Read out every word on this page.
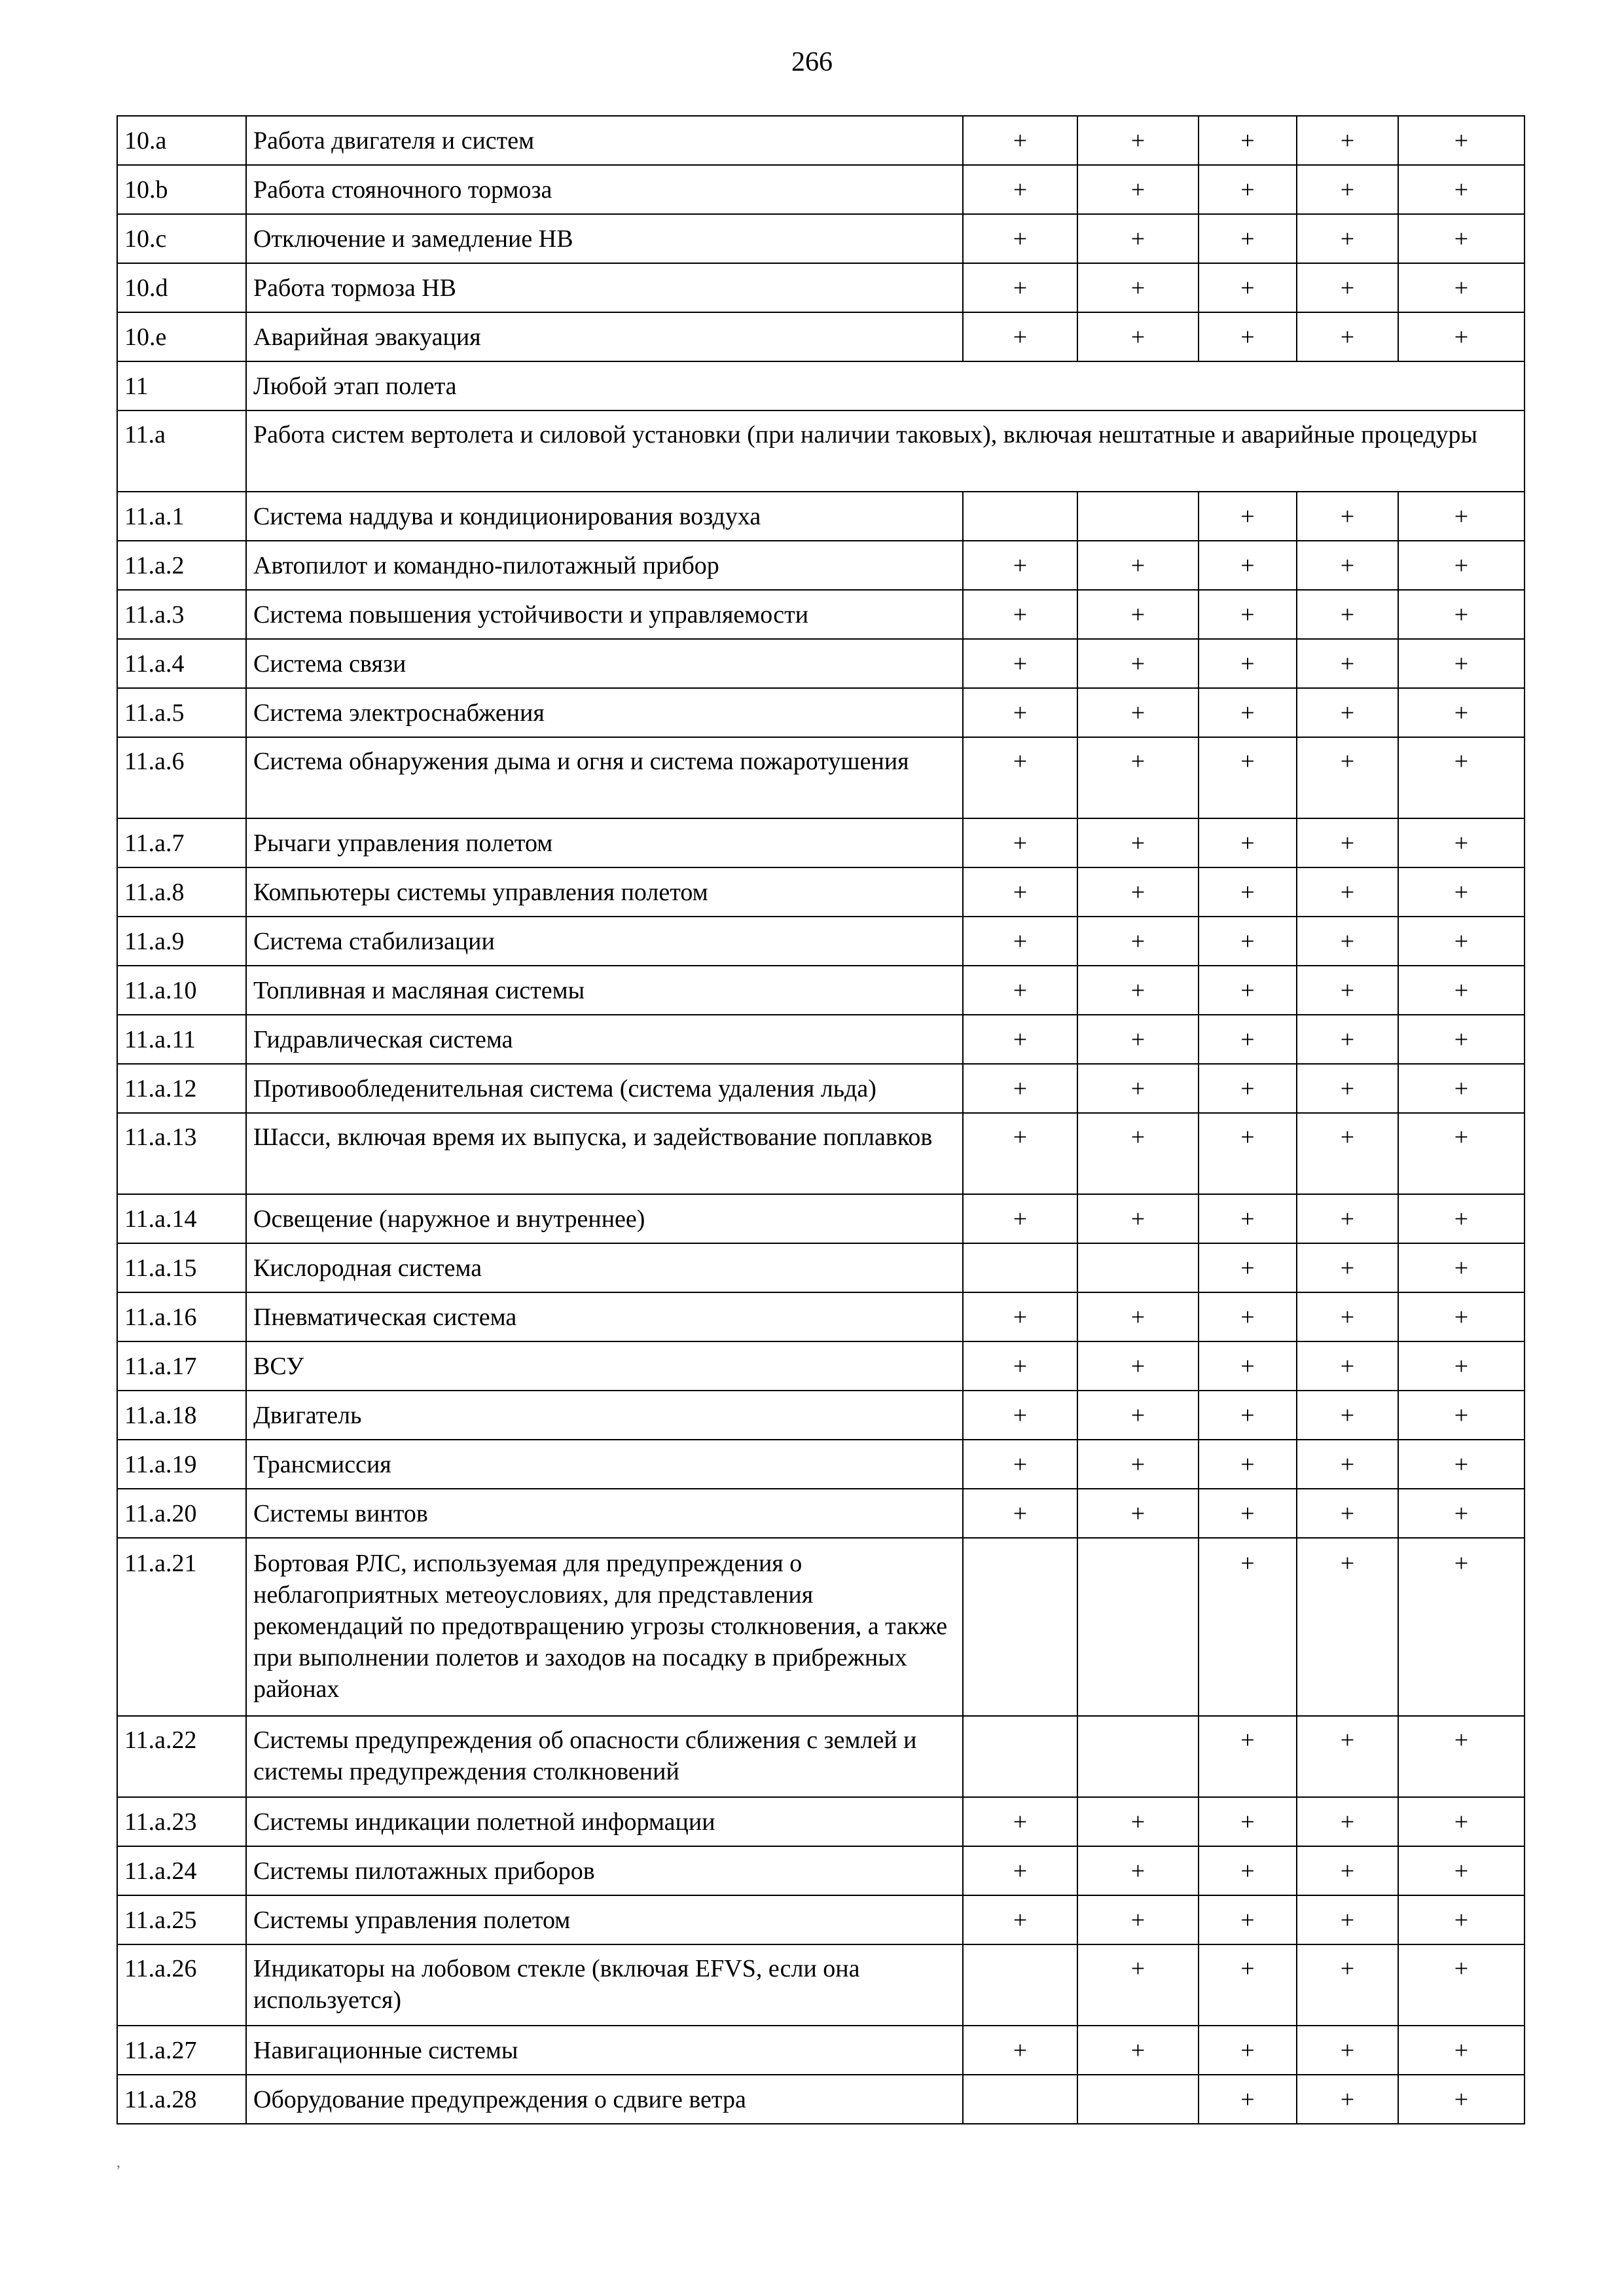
266
10.a	Работа двигателя и систем	+	+	+	+	+
10.b	Работа стояночного тормоза	+	+	+	+	+
10.c	Отключение и замедление НВ	+	+	+	+	+
10.d	Работа тормоза НВ	+	+	+	+	+
10.e	Аварийная эвакуация	+	+	+	+	+
11	Любой этап полета					
11.a	Работа систем вертолета и силовой установки (при наличии таковых), включая нештатные и аварийные процедуры					
11.a.1	Система наддува и кондиционирования воздуха			+	+	+
11.a.2	Автопилот и командно-пилотажный прибор	+	+	+	+	+
11.a.3	Система повышения устойчивости и управляемости	+	+	+	+	+
11.a.4	Система связи	+	+	+	+	+
11.a.5	Система электроснабжения	+	+	+	+	+
11.a.6	Система обнаружения дыма и огня и система пожаротушения	+	+	+	+	+
11.a.7	Рычаги управления полетом	+	+	+	+	+
11.a.8	Компьютеры системы управления полетом	+	+	+	+	+
11.a.9	Система стабилизации	+	+	+	+	+
11.a.10	Топливная и масляная системы	+	+	+	+	+
11.a.11	Гидравлическая система	+	+	+	+	+
11.a.12	Противообледенительная система (система удаления льда)	+	+	+	+	+
11.a.13	Шасси, включая время их выпуска, и задействование поплавков	+	+	+	+	+
11.a.14	Освещение (наружное и внутреннее)	+	+	+	+	+
11.a.15	Кислородная система			+	+	+
11.a.16	Пневматическая система	+	+	+	+	+
11.a.17	ВСУ	+	+	+	+	+
11.a.18	Двигатель	+	+	+	+	+
11.a.19	Трансмиссия	+	+	+	+	+
11.a.20	Системы винтов	+	+	+	+	+
11.a.21	Бортовая РЛС, используемая для предупреждения о неблагоприятных метеоусловиях, для представления рекомендаций по предотвращению угрозы столкновения, а также при выполнении полетов и заходов на посадку в прибрежных районах			+	+	+
11.a.22	Системы предупреждения об опасности сближения с землей и системы предупреждения столкновений			+	+	+
11.a.23	Системы индикации полетной информации	+	+	+	+	+
11.a.24	Системы пилотажных приборов	+	+	+	+	+
11.a.25	Системы управления полетом	+	+	+	+	+
11.a.26	Индикаторы на лобовом стекле (включая EFVS, если она используется)		+	+	+	+
11.a.27	Навигационные системы	+	+	+	+	+
11.a.28	Оборудование предупреждения о сдвиге ветра			+	+	+
,
